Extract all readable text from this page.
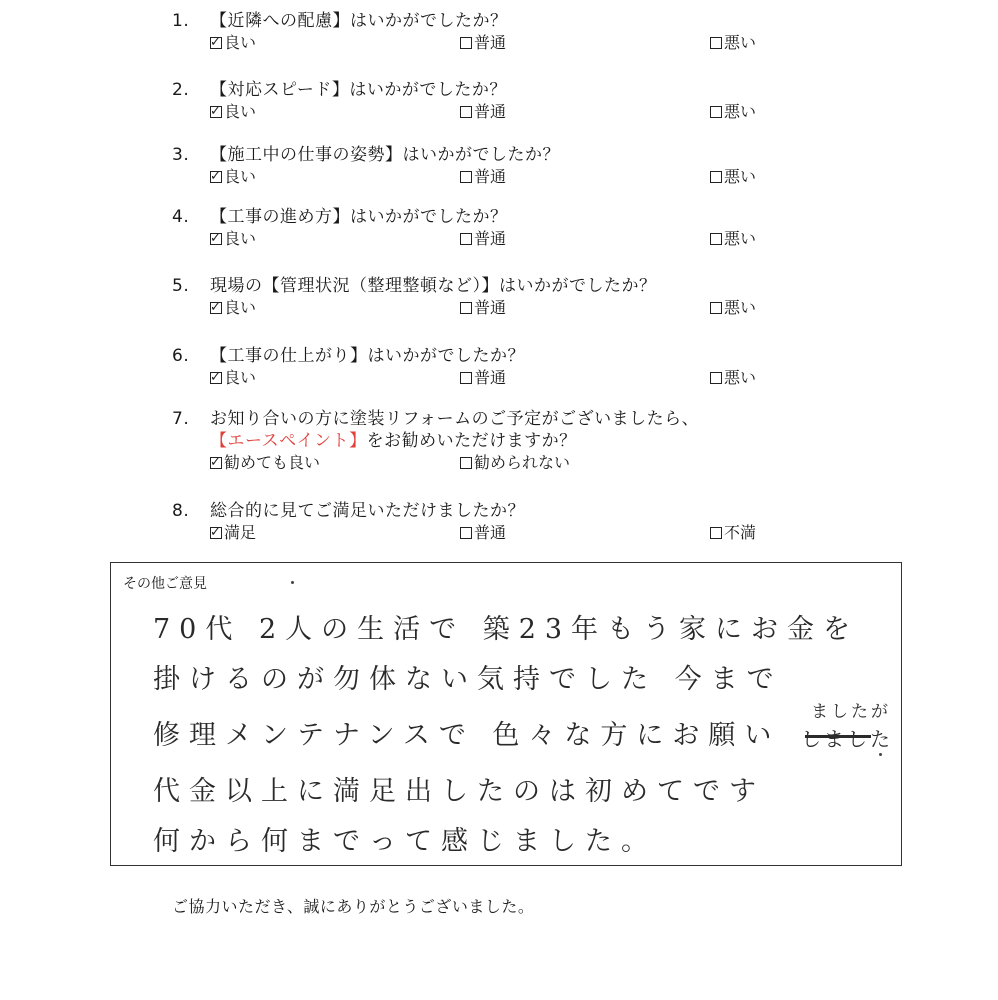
1. 【近隣への配慮】はいかがでしたか？
✓ 良い	普通	悪い
2. 【対応スピード】はいかがでしたか？
✓ 良い	普通	悪い
3. 【施工中の仕事の姿勢】はいかがでしたか？
✓ 良い	普通	悪い
4. 【工事の進め方】はいかがでしたか？
✓ 良い	普通	悪い
5. 現場の【管理状況（整理整頓など）】はいかがでしたか？
✓ 良い	普通	悪い
6. 【工事の仕上がり】はいかがでしたか？
✓ 良い	普通	悪い
7. お知り合いの方に塗装リフォームのご予定がございましたら、
【エースペイント】をお勧めいただけますか？
✓ 勧めても良い	勧められない
8. 総合的に見てご満足いただけましたか？
✓ 満足	普通	不満
その他ご意見
70代 2人の生活で 築23年もう家にお金を
掛けるのが勿体ない気持でした 今まで
修理メンテナンスで 色々な方にお願い
ましたが
しました
代金以上に満足出したのは初めてです
何から何までって感じました。
ご協力いただき、誠にありがとうございました。
